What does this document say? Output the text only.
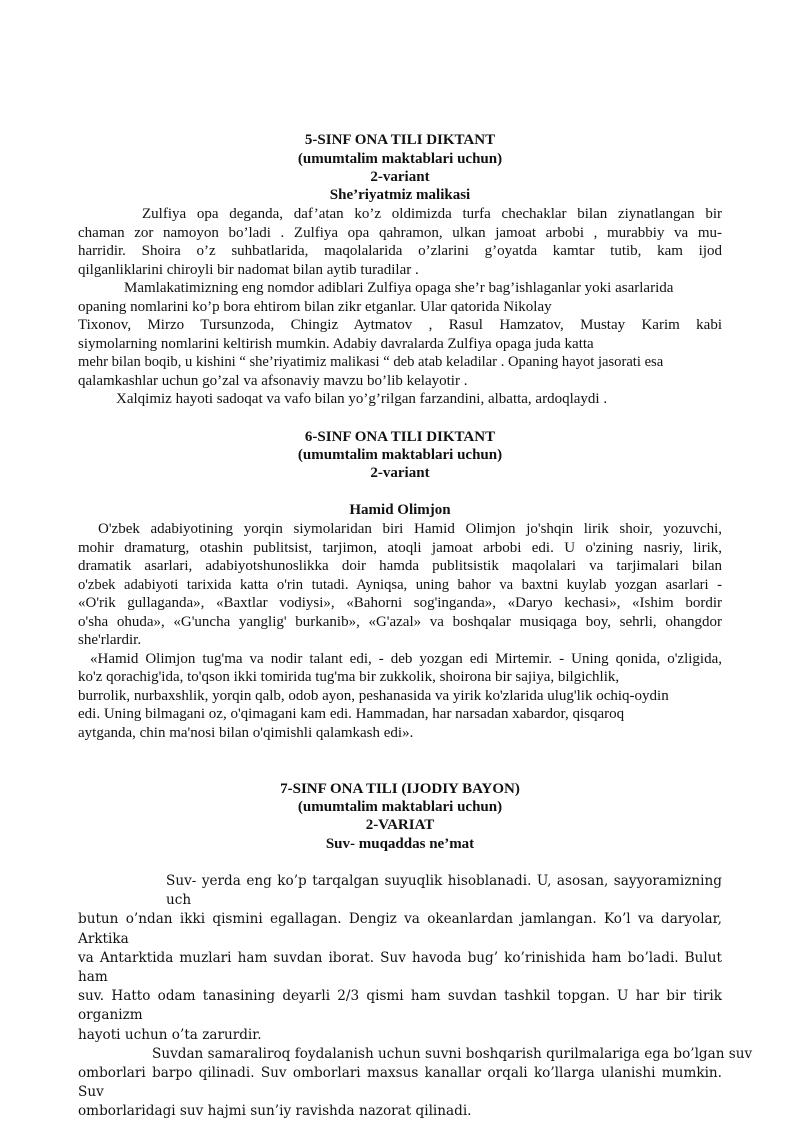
5-SINF ONA TILI DIKTANT

(umumtalim maktablari uchun)

2-variant

She’riyatmiz malikasi

Zulfiya opa deganda, daf’atan ko’z oldimizda turfa chechaklar bilan ziynatlangan bir
chaman zor namoyon bo’ladi . Zulfiya opa qahramon, ulkan jamoat arbobi , murabbiy va mu-
harridir. Shoira o’z suhbatlarida, maqolalarida o’zlarini g’oyatda kamtar tutib, kam ijod
qilganliklarini chiroyli bir nadomat bilan aytib turadilar .
Mamlakatimizning eng nomdor adiblari Zulfiya opaga she’r bag’ishlaganlar yoki asarlarida
opaning nomlarini ko’p bora ehtirom bilan zikr etganlar. Ular qatorida Nikolay
Tixonov, Mirzo Tursunzoda, Chingiz Aytmatov , Rasul Hamzatov, Mustay Karim kabi
siymolarning nomlarini keltirish mumkin. Adabiy davralarda Zulfiya opaga juda katta
mehr bilan boqib, u kishini “ she’riyatimiz malikasi “ deb atab keladilar . Opaning hayot jasorati esa
qalamkashlar uchun go’zal va afsonaviy mavzu bo’lib kelayotir .
Xalqimiz hayoti sadoqat va vafo bilan yo’g’rilgan farzandini, albatta, ardoqlaydi .

6-SINF ONA TILI DIKTANT

(umumtalim maktablari uchun)

2-variant

Hamid Olimjon

O'zbek adabiyotining yorqin siymolaridan biri Hamid Olimjon jo'shqin lirik shoir, yozuvchi,
mohir dramaturg, otashin publitsist, tarjimon, atoqli jamoat arbobi edi. U o'zining nasriy, lirik,
dramatik asarlari, adabiyotshunoslikka doir hamda publitsistik maqolalari va tarjimalari bilan
o'zbek adabiyoti tarixida katta o'rin tutadi. Ayniqsa, uning bahor va baxtni kuylab yozgan asarlari -
«O'rik gullaganda», «Baxtlar vodiysi», «Bahorni sog'inganda», «Daryo kechasi», «Ishim bordir
o'sha ohuda», «G'uncha yanglig' burkanib», «G'azal» va boshqalar musiqaga boy, sehrli, ohangdor
she'rlardir.
«Hamid Olimjon tug'ma va nodir talant edi, - deb yozgan edi Mirtemir. - Uning qonida, o'zligida,
ko'z qorachig'ida, to'qson ikki tomirida tug'ma bir zukkolik, shoirona bir sajiya, bilgichlik,
burrolik, nurbaxshlik, yorqin qalb, odob ayon, peshanasida va yirik ko'zlarida ulug'lik ochiq-oydin
edi. Uning bilmagani oz, o'qimagani kam edi. Hammadan, har narsadan xabardor, qisqaroq
aytganda, chin ma'nosi bilan o'qimishli qalamkash edi».

7-SINF ONA TILI (IJODIY BAYON)

(umumtalim maktablari uchun)

2-VARIAT

Suv- muqaddas ne’mat

Suv- yerda eng ko’p tarqalgan suyuqlik hisoblanadi. U, asosan, sayyoramizning uch
butun o’ndan ikki qismini egallagan. Dengiz va okeanlardan jamlangan. Ko’l va daryolar, Arktika
va Antarktida muzlari ham suvdan iborat. Suv havoda bug’ ko’rinishida ham bo’ladi. Bulut ham
suv. Hatto odam tanasining deyarli 2/3 qismi ham suvdan tashkil topgan. U har bir tirik organizm
hayoti uchun o’ta zarurdir.
Suvdan samaraliroq foydalanish uchun suvni boshqarish qurilmalariga ega bo’lgan suv
omborlari barpo qilinadi. Suv omborlari maxsus kanallar orqali ko’llarga ulanishi mumkin. Suv
omborlaridagi suv hajmi sun’iy ravishda nazorat qilinadi.
